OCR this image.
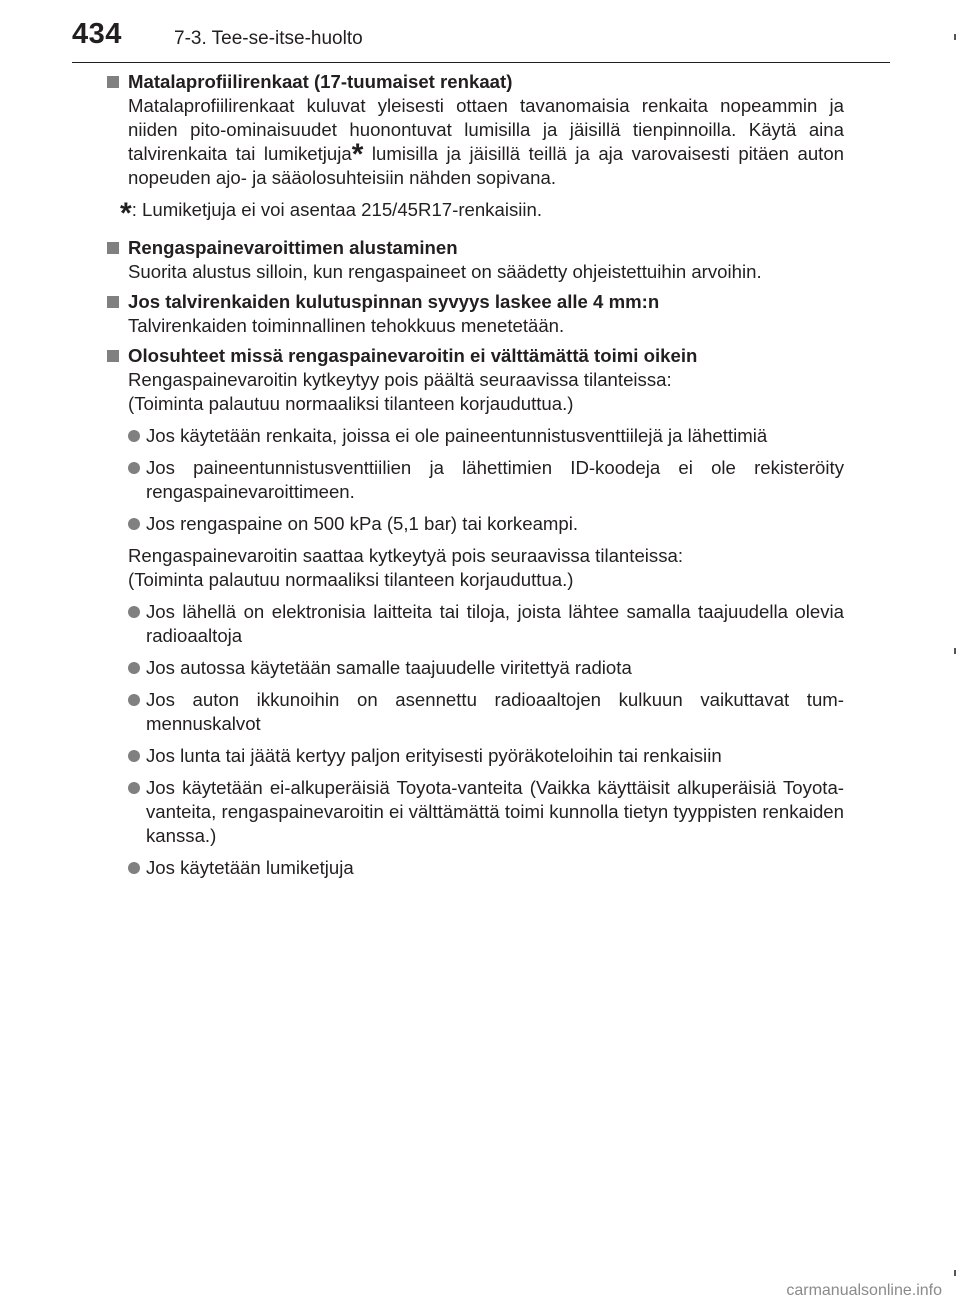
434	7-3. Tee-se-itse-huolto
Matalaprofiilirenkaat (17-tuumaiset renkaat)
Matalaprofiilirenkaat kuluvat yleisesti ottaen tavanomaisia renkaita nopeammin ja niiden pito-ominaisuudet huonontuvat lumisilla ja jäisillä tienpinnoilla. Käytä aina talvirenkaita tai lumiketjuja* lumisilla ja jäisillä teillä ja aja varovaisesti pitäen auton nopeuden ajo- ja sääolosuhteisiin nähden sopivana.
*: Lumiketjuja ei voi asentaa 215/45R17-renkaisiin.
Rengaspainevaroittimen alustaminen
Suorita alustus silloin, kun rengaspaineet on säädetty ohjeistettuihin arvoihin.
Jos talvirenkaiden kulutuspinnan syvyys laskee alle 4 mm:n
Talvirenkaiden toiminnallinen tehokkuus menetetään.
Olosuhteet missä rengaspainevaroitin ei välttämättä toimi oikein
Rengaspainevaroitin kytkeytyy pois päältä seuraavissa tilanteissa:
(Toiminta palautuu normaaliksi tilanteen korjauduttua.)
Jos käytetään renkaita, joissa ei ole paineentunnistusventtiilejä ja lähettimiä
Jos paineentunnistusventtiilien ja lähettimien ID-koodeja ei ole rekisteröity rengaspainevaroittimeen.
Jos rengaspaine on 500 kPa (5,1 bar) tai korkeampi.
Rengaspainevaroitin saattaa kytkeytyä pois seuraavissa tilanteissa:
(Toiminta palautuu normaaliksi tilanteen korjauduttua.)
Jos lähellä on elektronisia laitteita tai tiloja, joista lähtee samalla taajuudella olevia radioaaltoja
Jos autossa käytetään samalle taajuudelle viritettyä radiota
Jos auton ikkunoihin on asennettu radioaaltojen kulkuun vaikuttavat tum-mennuskalvot
Jos lunta tai jäätä kertyy paljon erityisesti pyöräkoteloihin tai renkaisiin
Jos käytetään ei-alkuperäisiä Toyota-vanteita (Vaikka käyttäisit alkuperäisiä Toyota-vanteita, rengaspainevaroitin ei välttämättä toimi kunnolla tietyn tyyppisten renkaiden kanssa.)
Jos käytetään lumiketjuja
carmanualsonline.info
